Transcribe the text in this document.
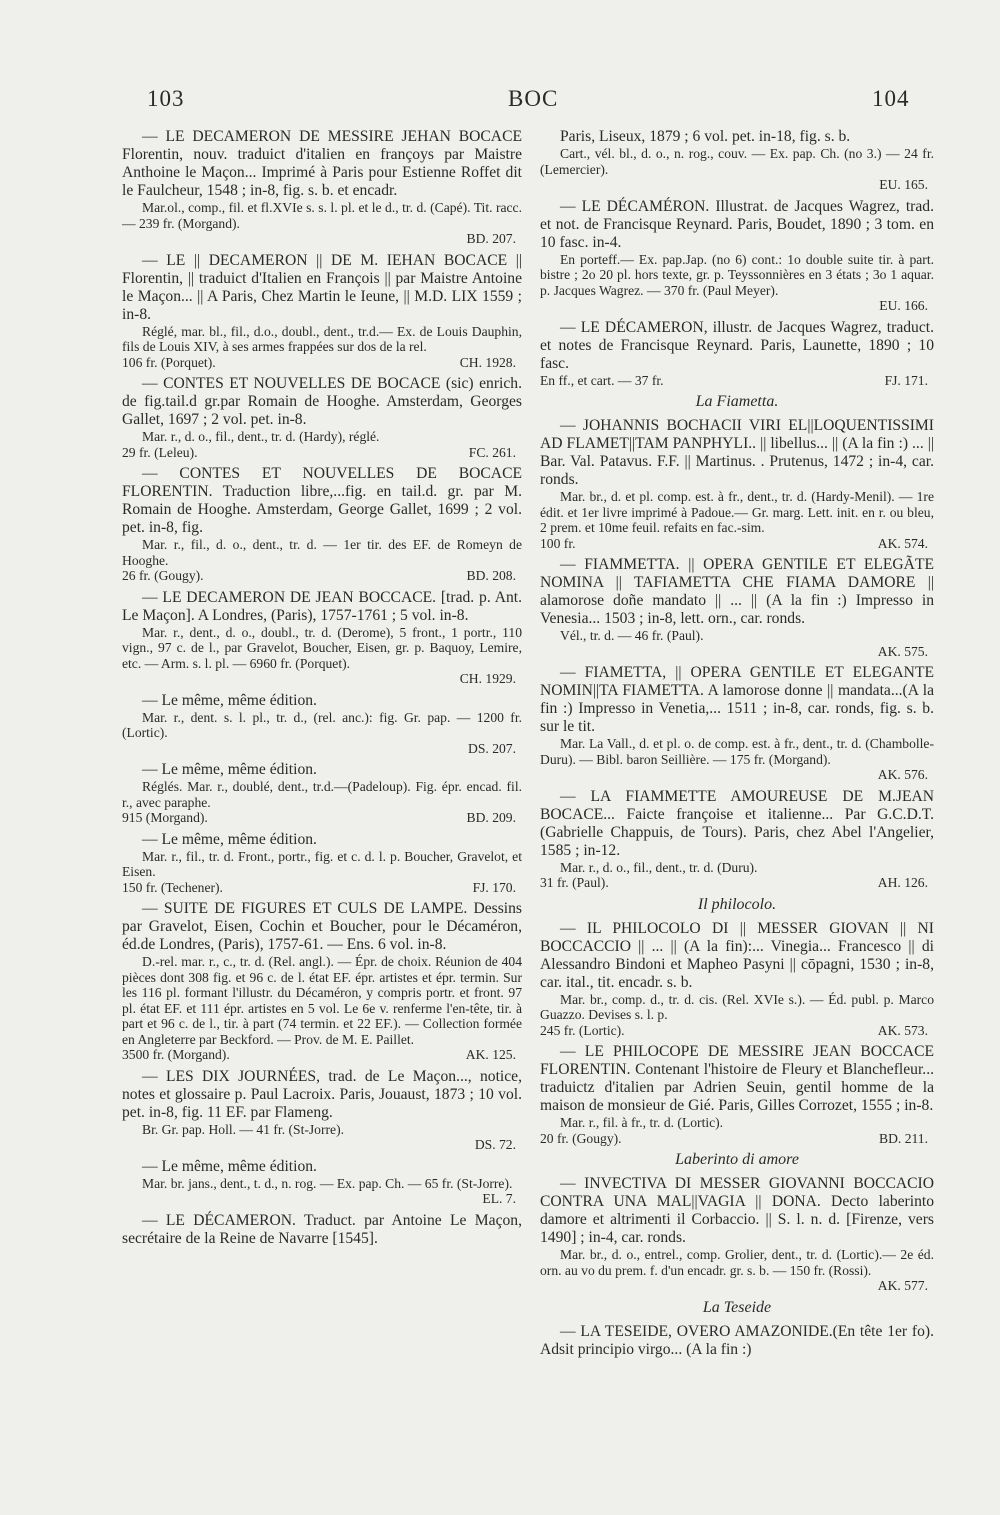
103	BOC	104

— LE DECAMERON DE MESSIRE JEHAN BOCACE Florentin, nouv. traduict d'italien en françoys par Maistre Anthoine le Maçon... Imprimé à Paris pour Estienne Roffet dit le Faulcheur, 1548 ; in-8, fig. s. b. et encadr.

Mar.ol., comp., fil. et fl.XVIe s. s. l. pl. et le d., tr. d. (Capé). Tit. racc. — 239 fr. (Morgand).

BD. 207.

— LE || DECAMERON || DE M. IEHAN BOCACE || Florentin, || traduict d'Italien en François || par Maistre Antoine le Maçon... || A Paris, Chez Martin le Ieune, || M.D. LIX 1559 ; in-8.

Réglé, mar. bl., fil., d.o., doubl., dent., tr.d.— Ex. de Louis Dauphin, fils de Louis XIV, à ses armes frappées sur dos de la rel.

106 fr. (Porquet).	CH. 1928.

— CONTES ET NOUVELLES DE BOCACE (sic) enrich. de fig.tail.d gr.par Romain de Hooghe. Amsterdam, Georges Gallet, 1697 ; 2 vol. pet. in-8.

Mar. r., d. o., fil., dent., tr. d. (Hardy), réglé.

29 fr. (Leleu).	FC. 261.

— CONTES ET NOUVELLES DE BOCACE FLORENTIN. Traduction libre,...fig. en tail.d. gr. par M. Romain de Hooghe. Amsterdam, George Gallet, 1699 ; 2 vol. pet. in-8, fig.

Mar. r., fil., d. o., dent., tr. d. — 1er tir. des EF. de Romeyn de Hooghe.

26 fr. (Gougy).	BD. 208.

— LE DECAMERON DE JEAN BOCCACE. [trad. p. Ant. Le Maçon]. A Londres, (Paris), 1757-1761 ; 5 vol. in-8.

Mar. r., dent., d. o., doubl., tr. d. (Derome), 5 front., 1 portr., 110 vign., 97 c. de l., par Gravelot, Boucher, Eisen, gr. p. Baquoy, Lemire, etc. — Arm. s. l. pl. — 6960 fr. (Porquet).

CH. 1929.

— Le même, même édition.

Mar. r., dent. s. l. pl., tr. d., (rel. anc.): fig. Gr. pap. — 1200 fr. (Lortic).

DS. 207.

— Le même, même édition.

Réglés. Mar. r., doublé, dent., tr.d.—(Padeloup). Fig. épr. encad. fil. r., avec paraphe.

915 (Morgand).	BD. 209.

— Le même, même édition.

Mar. r., fil., tr. d. Front., portr., fig. et c. d. l. p. Boucher, Gravelot, et Eisen.

150 fr. (Techener).	FJ. 170.

— SUITE DE FIGURES ET CULS DE LAMPE. Dessins par Gravelot, Eisen, Cochin et Boucher, pour le Décaméron, éd.de Londres, (Paris), 1757-61. — Ens. 6 vol. in-8.

D.-rel. mar. r., c., tr. d. (Rel. angl.). — Épr. de choix. Réunion de 404 pièces dont 308 fig. et 96 c. de l. état EF. épr. artistes et épr. termin. Sur les 116 pl. formant l'illustr. du Décaméron, y compris portr. et front. 97 pl. état EF. et 111 épr. artistes en 5 vol. Le 6e v. renferme l'en-tête, tir. à part et 96 c. de l., tir. à part (74 termin. et 22 EF.). — Collection formée en Angleterre par Beckford. — Prov. de M. E. Paillet.

3500 fr. (Morgand).	AK. 125.

— LES DIX JOURNÉES, trad. de Le Maçon..., notice, notes et glossaire p. Paul Lacroix. Paris, Jouaust, 1873 ; 10 vol. pet. in-8, fig. 11 EF. par Flameng.

Br. Gr. pap. Holl. — 41 fr. (St-Jorre).

DS. 72.

— Le même, même édition.

Mar. br. jans., dent., t. d., n. rog. — Ex. pap. Ch. — 65 fr. (St-Jorre).

EL. 7.

— LE DÉCAMERON. Traduct. par Antoine Le Maçon, secrétaire de la Reine de Navarre [1545].

Paris, Liseux, 1879 ; 6 vol. pet. in-18, fig. s. b.

Cart., vél. bl., d. o., n. rog., couv. — Ex. pap. Ch. (no 3.) — 24 fr. (Lemercier).

EU. 165.

— LE DÉCAMÉRON. Illustrat. de Jacques Wagrez, trad. et not. de Francisque Reynard. Paris, Boudet, 1890 ; 3 tom. en 10 fasc. in-4.

En porteff.— Ex. pap.Jap. (no 6) cont.: 1o double suite tir. à part. bistre ; 2o 20 pl. hors texte, gr. p. Teyssonnières en 3 états ; 3o 1 aquar. p. Jacques Wagrez. — 370 fr. (Paul Meyer).

EU. 166.

— LE DÉCAMERON, illustr. de Jacques Wagrez, traduct. et notes de Francisque Reynard. Paris, Launette, 1890 ; 10 fasc.

En ff., et cart. — 37 fr.	FJ. 171.
La Fiametta.

— JOHANNIS BOCHACII VIRI EL||LOQUENTISSIMI AD FLAMET||TAM PANPHYLI.. || libellus... || (A la fin :) ... || Bar. Val. Patavus. F.F. || Martinus. . Prutenus, 1472 ; in-4, car. ronds.

Mar. br., d. et pl. comp. est. à fr., dent., tr. d. (Hardy-Menil). — 1re édit. et 1er livre imprimé à Padoue.— Gr. marg. Lett. init. en r. ou bleu, 2 prem. et 10me feuil. refaits en fac.-sim.

100 fr.	AK. 574.

— FIAMMETTA. || OPERA GENTILE ET ELEGÃTE NOMINA || TAFIAMETTA CHE FIAMA DAMORE || alamorose doñe mandato || ... || (A la fin :) Impresso in Venesia... 1503 ; in-8, lett. orn., car. ronds.

Vél., tr. d. — 46 fr. (Paul).

AK. 575.

— FIAMETTA, || OPERA GENTILE ET ELEGANTE NOMIN||TA FIAMETTA. A lamorose donne || mandata...(A la fin :) Impresso in Venetia,... 1511 ; in-8, car. ronds, fig. s. b. sur le tit.

Mar. La Vall., d. et pl. o. de comp. est. à fr., dent., tr. d. (Chambolle-Duru). — Bibl. baron Seillière. — 175 fr. (Morgand).

AK. 576.

— LA FIAMMETTE AMOUREUSE DE M.JEAN BOCACE... Faicte françoise et italienne... Par G.C.D.T. (Gabrielle Chappuis, de Tours). Paris, chez Abel l'Angelier, 1585 ; in-12.

Mar. r., d. o., fil., dent., tr. d. (Duru).

31 fr. (Paul).	AH. 126.
Il philocolo.

— IL PHILOCOLO DI || MESSER GIOVAN || NI BOCCACCIO || ... || (A la fin):... Vinegia... Francesco || di Alessandro Bindoni et Mapheo Pasyni || cōpagni, 1530 ; in-8, car. ital., tit. encadr. s. b.

Mar. br., comp. d., tr. d. cis. (Rel. XVIe s.). — Éd. publ. p. Marco Guazzo. Devises s. l. p.

245 fr. (Lortic).	AK. 573.

— LE PHILOCOPE DE MESSIRE JEAN BOCCACE FLORENTIN. Contenant l'histoire de Fleury et Blanchefleur... traduictz d'italien par Adrien Seuin, gentil homme de la maison de monsieur de Gié. Paris, Gilles Corrozet, 1555 ; in-8.

Mar. r., fil. à fr., tr. d. (Lortic).

20 fr. (Gougy).	BD. 211.
Laberinto di amore

— INVECTIVA DI MESSER GIOVANNI BOCCACIO CONTRA UNA MAL||VAGIA || DONA. Decto laberinto damore et altrimenti il Corbaccio. || S. l. n. d. [Firenze, vers 1490] ; in-4, car. ronds.

Mar. br., d. o., entrel., comp. Grolier, dent., tr. d. (Lortic).— 2e éd. orn. au vo du prem. f. d'un encadr. gr. s. b. — 150 fr. (Rossi).

AK. 577.
La Teseide

— LA TESEIDE, OVERO AMAZONIDE.(En tête 1er fo). Adsit principio virgo... (A la fin :)
